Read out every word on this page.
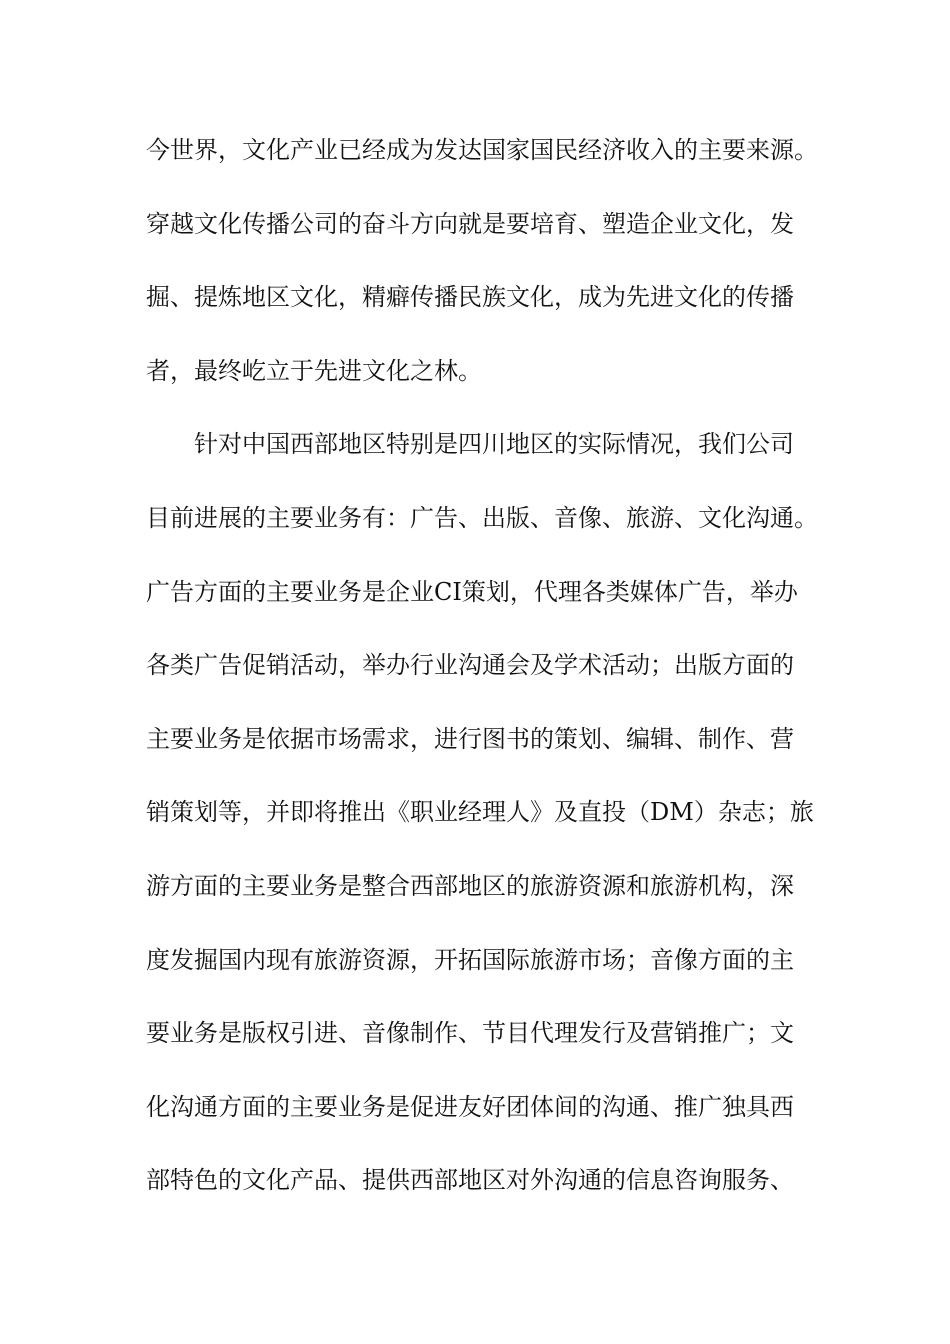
今世界，文化产业已经成为发达国家国民经济收入的主要来源。
穿越文化传播公司的奋斗方向就是要培育、塑造企业文化，发
掘、提炼地区文化，精癖传播民族文化，成为先进文化的传播
者，最终屹立于先进文化之林。
针对中国西部地区特别是四川地区的实际情况，我们公司
目前进展的主要业务有：广告、出版、音像、旅游、文化沟通。
广告方面的主要业务是企业CI策划，代理各类媒体广告，举办
各类广告促销活动，举办行业沟通会及学术活动；出版方面的
主要业务是依据市场需求，进行图书的策划、编辑、制作、营
销策划等，并即将推出《职业经理人》及直投（DM）杂志；旅
游方面的主要业务是整合西部地区的旅游资源和旅游机构，深
度发掘国内现有旅游资源，开拓国际旅游市场；音像方面的主
要业务是版权引进、音像制作、节目代理发行及营销推广；文
化沟通方面的主要业务是促进友好团体间的沟通、推广独具西
部特色的文化产品、提供西部地区对外沟通的信息咨询服务、
